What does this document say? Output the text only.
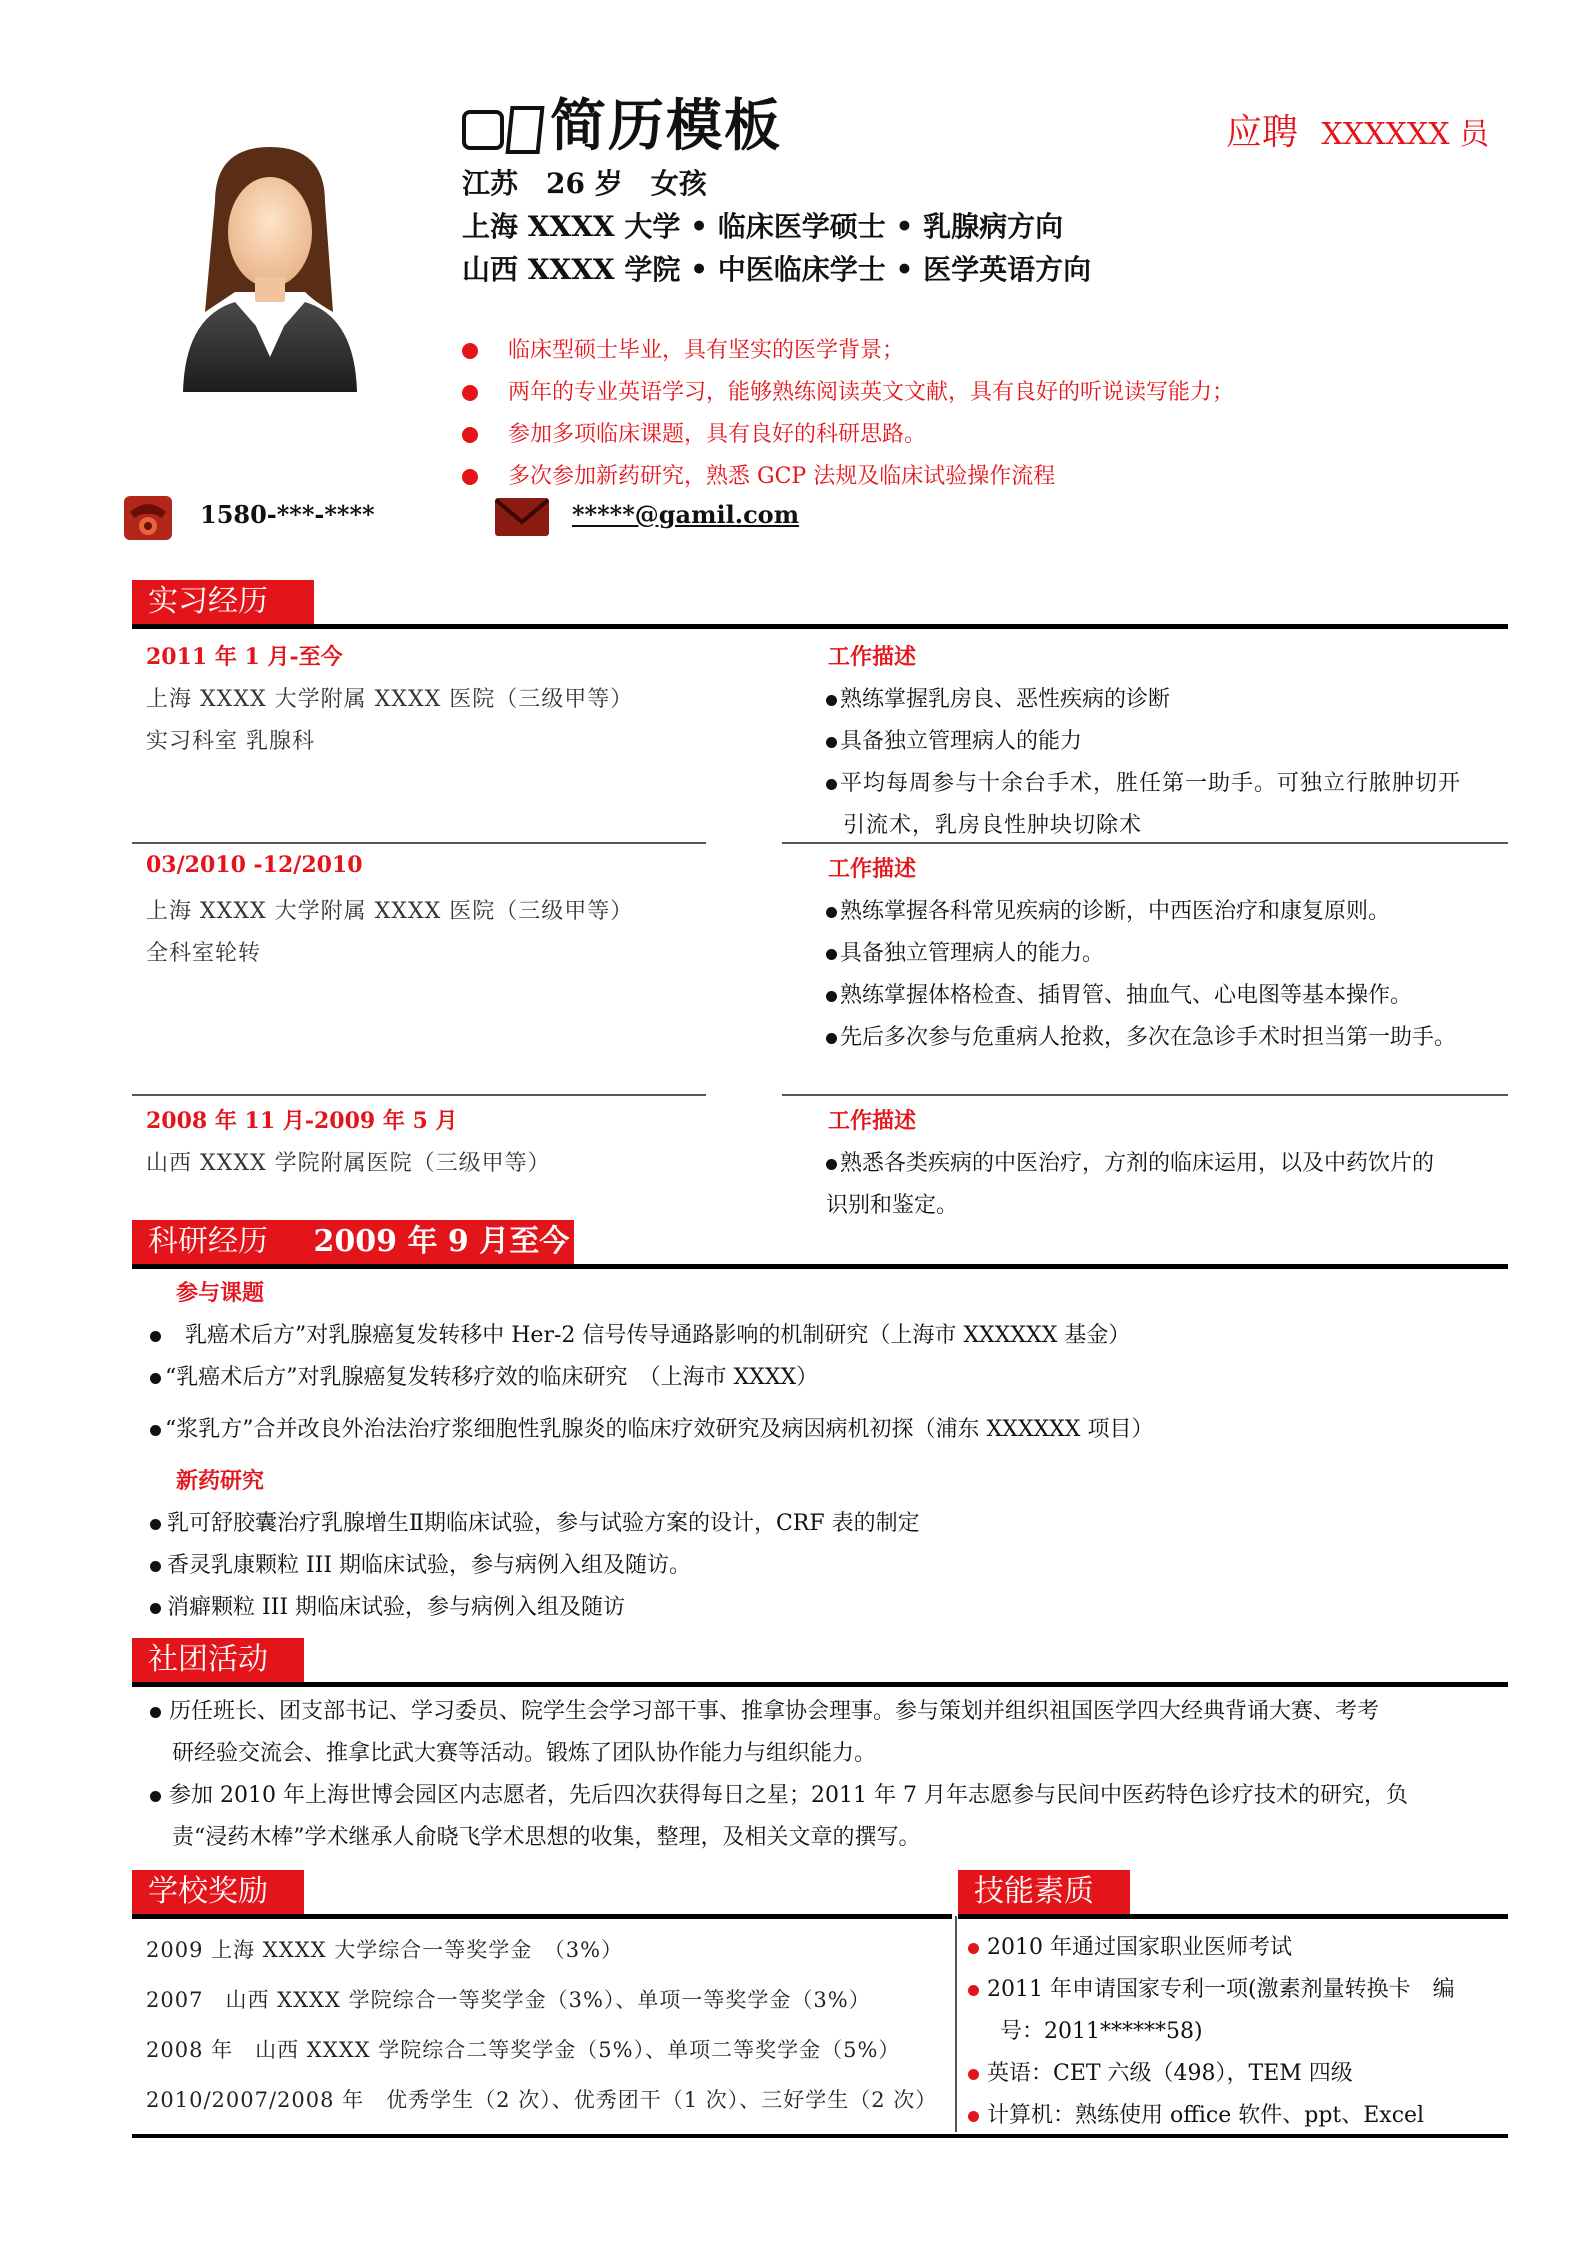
简历模板	应聘 XXXXXX 员
江苏　26 岁　女孩
上海 XXXX 大学 • 临床医学硕士 • 乳腺病方向
山西 XXXX 学院 • 中医临床学士 • 医学英语方向
临床型硕士毕业，具有坚实的医学背景；
两年的专业英语学习，能够熟练阅读英文文献，具有良好的听说读写能力；
参加多项临床课题，具有良好的科研思路。
多次参加新药研究，熟悉 GCP 法规及临床试验操作流程
1580-***-****	*****@gamil.com
实习经历
2011 年 1 月-至今
上海 XXXX 大学附属 XXXX 医院（三级甲等）
实习科室 乳腺科
工作描述
熟练掌握乳房良、恶性疾病的诊断
具备独立管理病人的能力
平均每周参与十余台手术，胜任第一助手。可独立行脓肿切开
引流术，乳房良性肿块切除术
03/2010 -12/2010
上海 XXXX 大学附属 XXXX 医院（三级甲等）
全科室轮转
工作描述
熟练掌握各科常见疾病的诊断，中西医治疗和康复原则。
具备独立管理病人的能力。
熟练掌握体格检查、插胃管、抽血气、心电图等基本操作。
先后多次参与危重病人抢救，多次在急诊手术时担当第一助手。
2008 年 11 月-2009 年 5 月
山西 XXXX 学院附属医院（三级甲等）
工作描述
熟悉各类疾病的中医治疗，方剂的临床运用，以及中药饮片的
识别和鉴定。
科研经历 2009 年 9 月至今
参与课题
乳癌术后方”对乳腺癌复发转移中 Her-2 信号传导通路影响的机制研究（上海市 XXXXXX 基金）
“乳癌术后方”对乳腺癌复发转移疗效的临床研究　（上海市 XXXX）
“浆乳方”合并改良外治法治疗浆细胞性乳腺炎的临床疗效研究及病因病机初探（浦东 XXXXXX 项目）
新药研究
乳可舒胶囊治疗乳腺增生Ⅱ期临床试验，参与试验方案的设计，CRF 表的制定
香灵乳康颗粒 III 期临床试验，参与病例入组及随访。
消癖颗粒 III 期临床试验，参与病例入组及随访
社团活动
历任班长、团支部书记、学习委员、院学生会学习部干事、推拿协会理事。参与策划并组织祖国医学四大经典背诵大赛、考考
研经验交流会、推拿比武大赛等活动。锻炼了团队协作能力与组织能力。
参加 2010 年上海世博会园区内志愿者，先后四次获得每日之星；2011 年 7 月年志愿参与民间中医药特色诊疗技术的研究，负
责“浸药木棒”学术继承人俞晓飞学术思想的收集，整理，及相关文章的撰写。
学校奖励
2009 上海 XXXX 大学综合一等奖学金　（3%）
2007　山西 XXXX 学院综合一等奖学金（3%）、单项一等奖学金（3%）
2008 年　山西 XXXX 学院综合二等奖学金（5%）、单项二等奖学金（5%）
2010/2007/2008 年　优秀学生（2 次）、优秀团干（1 次）、三好学生（2 次）
技能素质
2010 年通过国家职业医师考试
2011 年申请国家专利一项(激素剂量转换卡　编
号：2011******58)
英语：CET 六级（498），TEM 四级
计算机：熟练使用 office 软件、ppt、Excel
